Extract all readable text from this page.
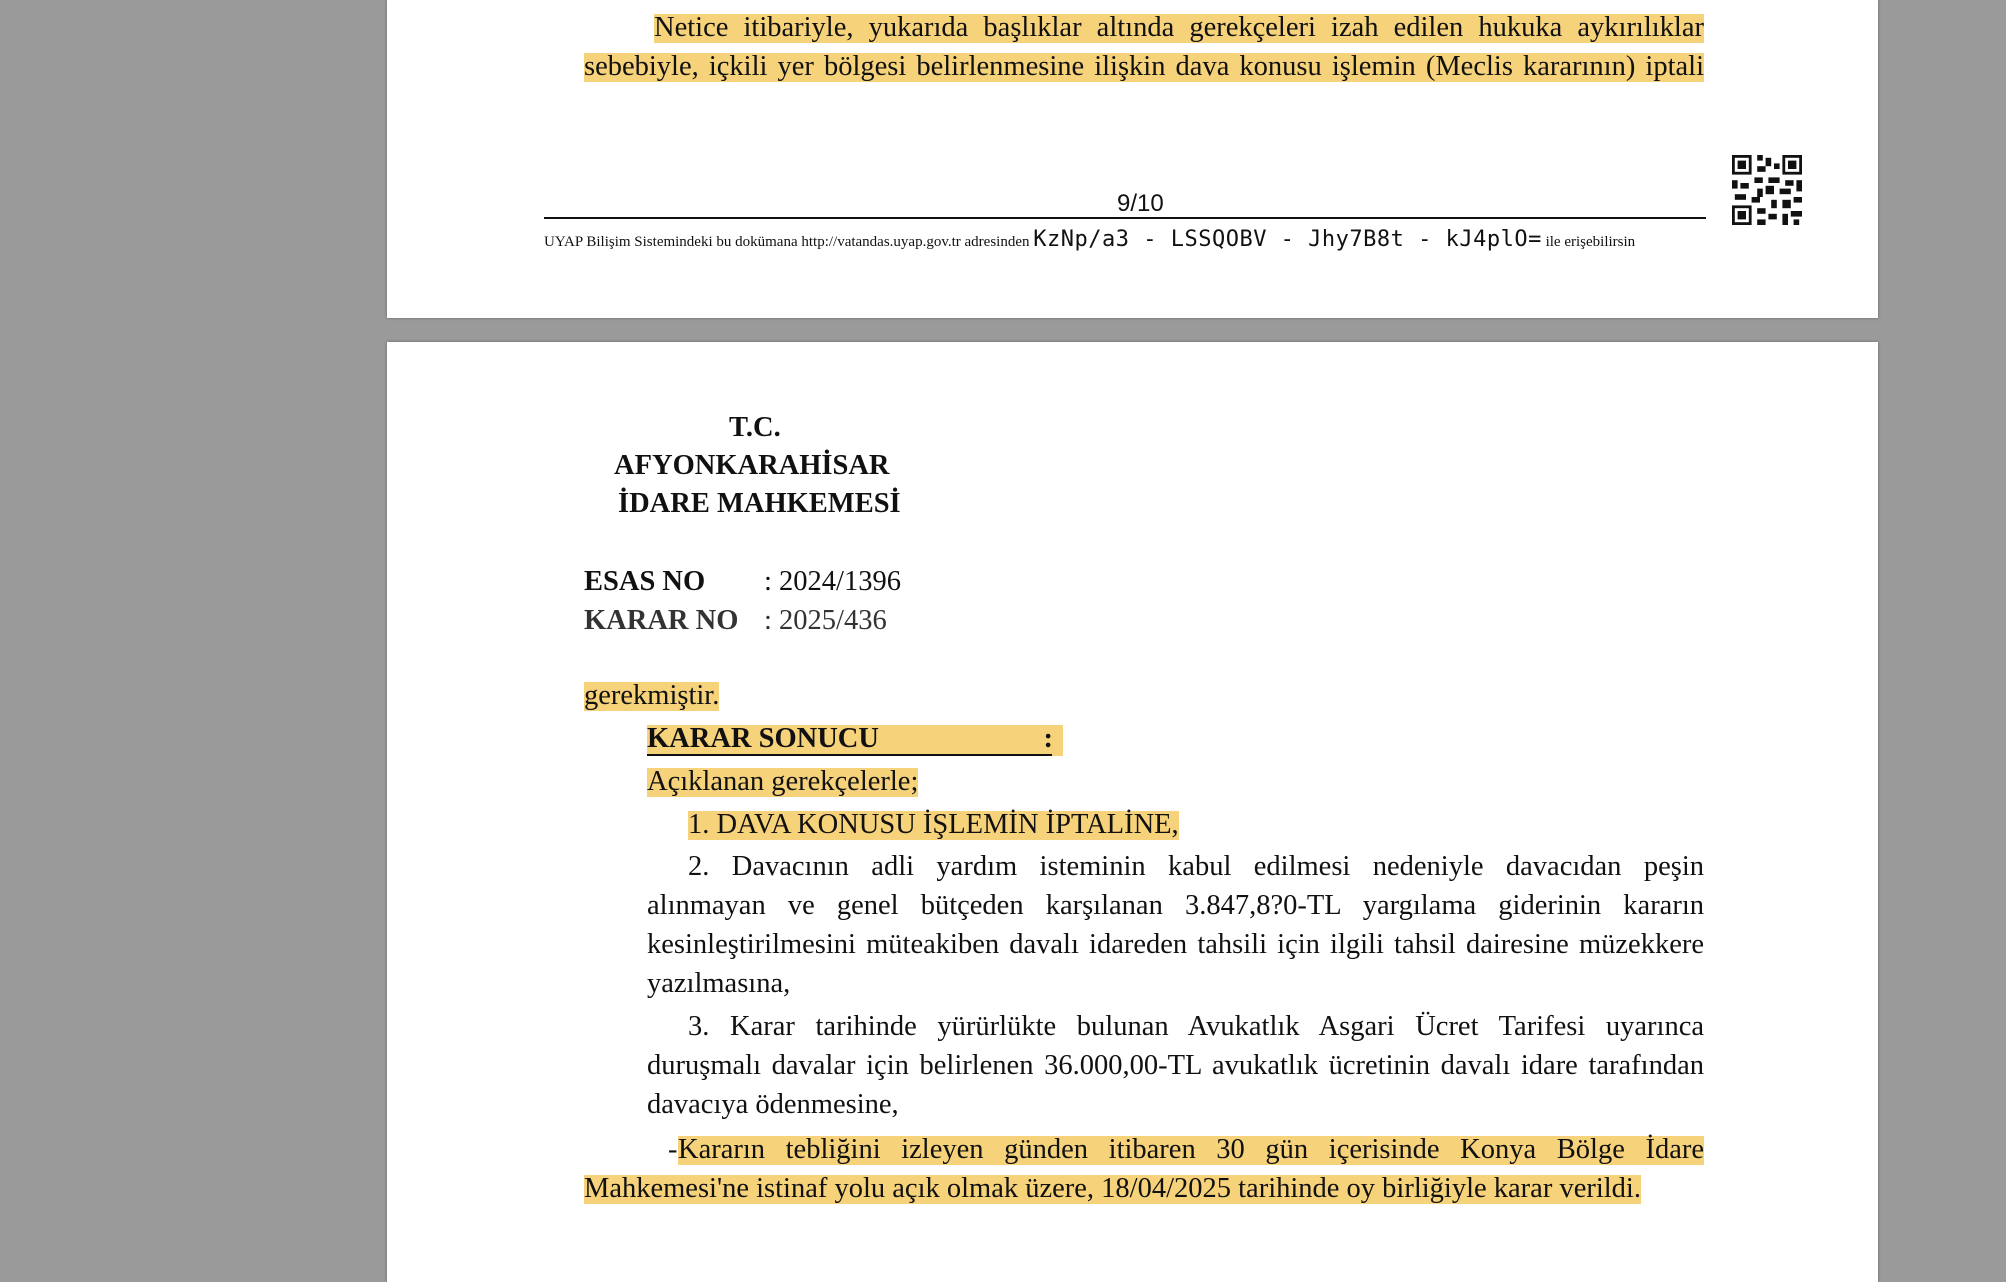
Netice itibariyle, yukarıda başlıklar altında gerekçeleri izah edilen hukuka aykırılıklar
sebebiyle, içkili yer bölgesi belirlenmesine ilişkin dava konusu işlemin (Meclis kararının) iptali
9/10
UYAP Bilişim Sistemindeki bu dokümana http://vatandas.uyap.gov.tr adresinden KzNp/a3 - LSSQOBV - Jhy7B8t - kJ4plO= ile erişebilirsin
T.C.
AFYONKARAHİSAR
İDARE MAHKEMESİ
ESAS NO : 2024/1396
KARAR NO : 2025/436
gerekmiştir.
KARAR SONUCU	:
Açıklanan gerekçelerle;
1. DAVA KONUSU İŞLEMİN İPTALİNE,
2. Davacının adli yardım isteminin kabul edilmesi nedeniyle davacıdan peşin
alınmayan ve genel bütçeden karşılanan 3.847,8?0-TL yargılama giderinin kararın
kesinleştirilmesini müteakiben davalı idareden tahsili için ilgili tahsil dairesine müzekkere
yazılmasına,
3. Karar tarihinde yürürlükte bulunan Avukatlık Asgari Ücret Tarifesi uyarınca
duruşmalı davalar için belirlenen 36.000,00-TL avukatlık ücretinin davalı idare tarafından
davacıya ödenmesine,
- Kararın tebliğini izleyen günden itibaren 30 gün içerisinde Konya Bölge İdare
Mahkemesi'ne istinaf yolu açık olmak üzere, 18/04/2025 tarihinde oy birliğiyle karar verildi.
